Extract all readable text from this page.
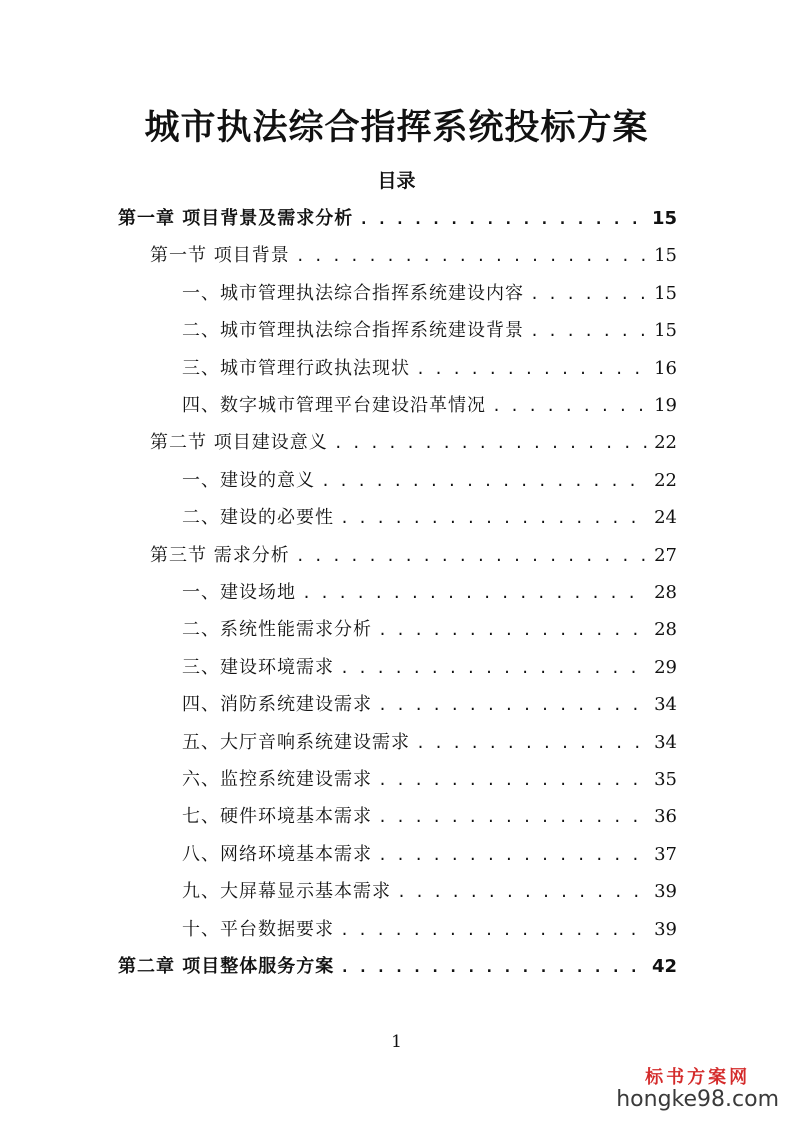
城市执法综合指挥系统投标方案
目录
第一章 项目背景及需求分析 . . .	15
第一节 项目背景 . . .	15
一、城市管理执法综合指挥系统建设内容 . . .	15
二、城市管理执法综合指挥系统建设背景 . . .	15
三、城市管理行政执法现状 . . .	16
四、数字城市管理平台建设沿革情况 . . .	19
第二节 项目建设意义 . . .	22
一、建设的意义 . . .	22
二、建设的必要性 . . .	24
第三节 需求分析 . . .	27
一、建设场地 . . .	28
二、系统性能需求分析 . . .	28
三、建设环境需求 . . .	29
四、消防系统建设需求 . . .	34
五、大厅音响系统建设需求 . . .	34
六、监控系统建设需求 . . .	35
七、硬件环境基本需求 . . .	36
八、网络环境基本需求 . . .	37
九、大屏幕显示基本需求 . . .	39
十、平台数据要求 . . .	39
第二章 项目整体服务方案 . . .	42
1
标书方案网
hongke98.com
